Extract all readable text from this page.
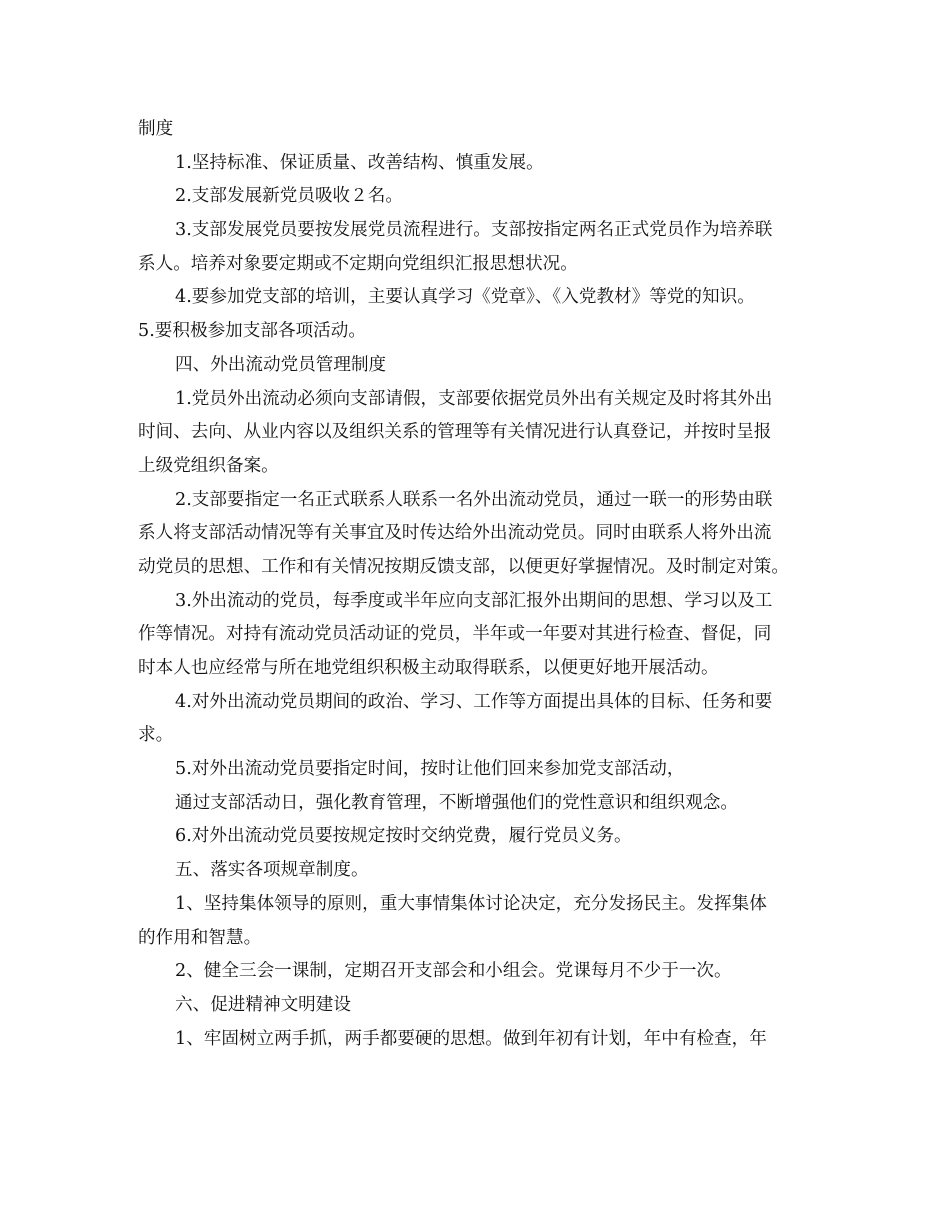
制度
1.坚持标准、保证质量、改善结构、慎重发展。
2.支部发展新党员吸收２名。
3.支部发展党员要按发展党员流程进行。支部按指定两名正式党员作为培养联
系人。培养对象要定期或不定期向党组织汇报思想状况。
4.要参加党支部的培训，主要认真学习《党章》、《入党教材》等党的知识。
5.要积极参加支部各项活动。
四、外出流动党员管理制度
1.党员外出流动必须向支部请假，支部要依据党员外出有关规定及时将其外出
时间、去向、从业内容以及组织关系的管理等有关情况进行认真登记，并按时呈报
上级党组织备案。
2.支部要指定一名正式联系人联系一名外出流动党员，通过一联一的形势由联
系人将支部活动情况等有关事宜及时传达给外出流动党员。同时由联系人将外出流
动党员的思想、工作和有关情况按期反馈支部，以便更好掌握情况。及时制定对策。
3.外出流动的党员，每季度或半年应向支部汇报外出期间的思想、学习以及工
作等情况。对持有流动党员活动证的党员，半年或一年要对其进行检查、督促，同
时本人也应经常与所在地党组织积极主动取得联系，以便更好地开展活动。
4.对外出流动党员期间的政治、学习、工作等方面提出具体的目标、任务和要
求。
5.对外出流动党员要指定时间，按时让他们回来参加党支部活动，
通过支部活动日，强化教育管理，不断增强他们的党性意识和组织观念。
6.对外出流动党员要按规定按时交纳党费，履行党员义务。
五、落实各项规章制度。
1、坚持集体领导的原则，重大事情集体讨论决定，充分发扬民主。发挥集体
的作用和智慧。
2、健全三会一课制，定期召开支部会和小组会。党课每月不少于一次。
六、促进精神文明建设
1、牢固树立两手抓，两手都要硬的思想。做到年初有计划，年中有检查，年
